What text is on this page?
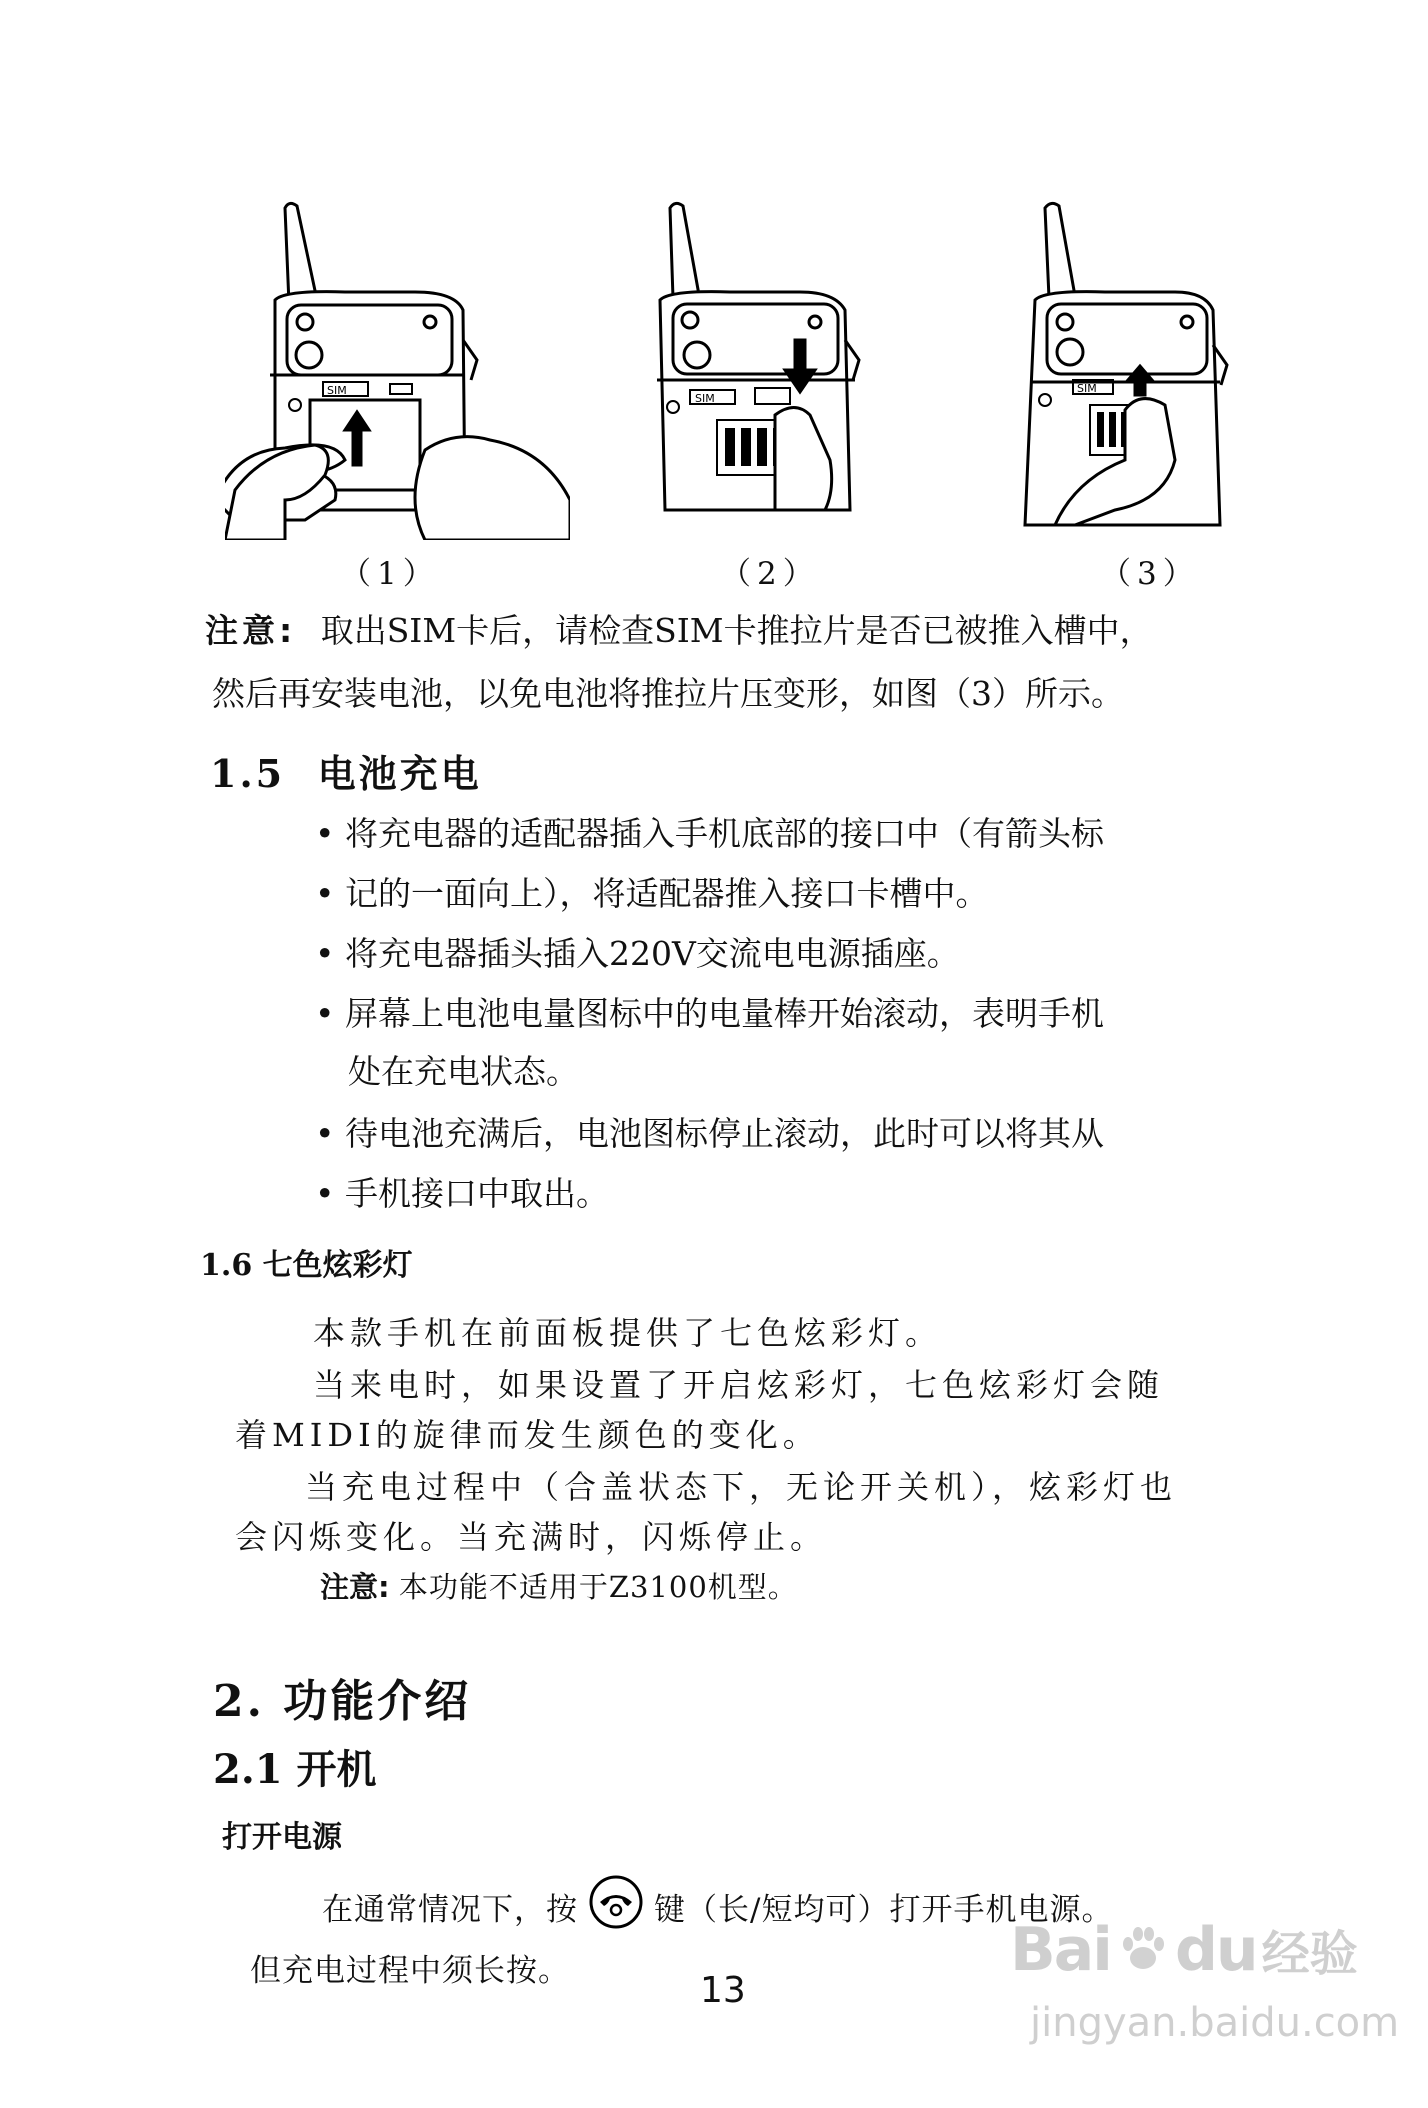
SIM
（1）
SIM
（2）
SIM
（3）
注意: 取出SIM卡后，请检查SIM卡推拉片是否已被推入槽中，
然后再安装电池，以免电池将推拉片压变形，如图（3）所示。
1.5  电池充电
• 将充电器的适配器插入手机底部的接口中（有箭头标
• 记的一面向上），将适配器推入接口卡槽中。
• 将充电器插头插入220V交流电电源插座。
• 屏幕上电池电量图标中的电量棒开始滚动，表明手机
处在充电状态。
• 待电池充满后，电池图标停止滚动，此时可以将其从
• 手机接口中取出。
1.6 七色炫彩灯
本款手机在前面板提供了七色炫彩灯。
当来电时，如果设置了开启炫彩灯，七色炫彩灯会随
着MIDI的旋律而发生颜色的变化。
当充电过程中（合盖状态下，无论开关机），炫彩灯也
会闪烁变化。当充满时，闪烁停止。
注意: 本功能不适用于Z3100机型。
2. 功能介绍
2.1 开机
打开电源
在通常情况下，按 键（长/短均可）打开手机电源。
但充电过程中须长按。	13
Bai du 经验
jingyan.baidu.com
